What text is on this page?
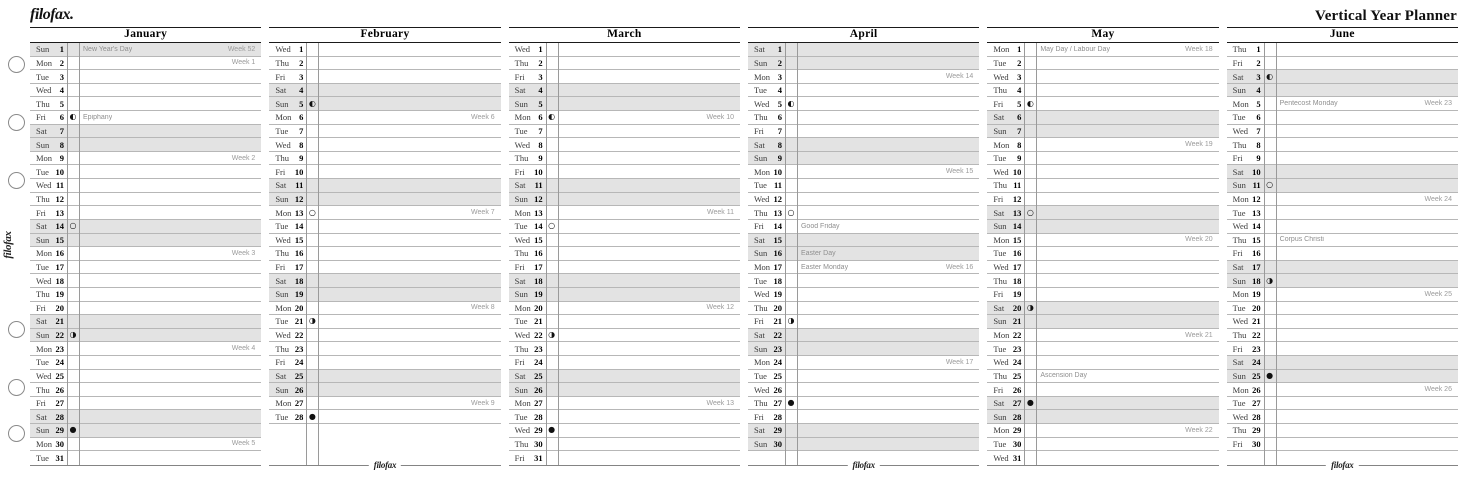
filofax.	Vertical Year Planner
filofax
January
Sun 1	New Year's Day	Week 52
Mon 2	Week 1
Tue 3
Wed 4
Thu 5
Fri 6 ◐ Epiphany
Sat 7
Sun 8
Mon 9	Week 2
Tue 10
Wed 11
Thu 12
Fri 13
Sat 14 ○
Sun 15
Mon 16	Week 3
Tue 17
Wed 18
Thu 19
Fri 20
Sat 21
Sun 22 ◑
Mon 23	Week 4
Tue 24
Wed 25
Thu 26
Fri 27
Sat 28
Sun 29 ●
Mon 30	Week 5
Tue 31
February
Wed 1
Thu 2
Fri 3
Sat 4
Sun 5 ◐
Mon 6	Week 6
Tue 7
Wed 8
Thu 9
Fri 10
Sat 11
Sun 12
Mon 13 ○	Week 7
Tue 14
Wed 15
Thu 16
Fri 17
Sat 18
Sun 19
Mon 20	Week 8
Tue 21 ◑
Wed 22
Thu 23
Fri 24
Sat 25
Sun 26
Mon 27	Week 9
Tue 28 ●
filofax
March
Wed 1
Thu 2
Fri 3
Sat 4
Sun 5
Mon 6 ◐	Week 10
Tue 7
Wed 8
Thu 9
Fri 10
Sat 11
Sun 12
Mon 13	Week 11
Tue 14 ○
Wed 15
Thu 16
Fri 17
Sat 18
Sun 19
Mon 20	Week 12
Tue 21
Wed 22 ◑
Thu 23
Fri 24
Sat 25
Sun 26
Mon 27	Week 13
Tue 28
Wed 29 ●
Thu 30
Fri 31
April
Sat 1
Sun 2
Mon 3	Week 14
Tue 4
Wed 5 ◐
Thu 6
Fri 7
Sat 8
Sun 9
Mon 10	Week 15
Tue 11
Wed 12
Thu 13 ○
Fri 14	Good Friday
Sat 15
Sun 16	Easter Day
Mon 17	Easter Monday	Week 16
Tue 18
Wed 19
Thu 20
Fri 21 ◑
Sat 22
Sun 23
Mon 24	Week 17
Tue 25
Wed 26
Thu 27 ●
Fri 28
Sat 29
Sun 30
filofax
May
Mon 1	May Day / Labour Day	Week 18
Tue 2
Wed 3
Thu 4
Fri 5 ◐
Sat 6
Sun 7
Mon 8	Week 19
Tue 9
Wed 10
Thu 11
Fri 12
Sat 13 ○
Sun 14
Mon 15	Week 20
Tue 16
Wed 17
Thu 18
Fri 19
Sat 20 ◑
Sun 21
Mon 22	Week 21
Tue 23
Wed 24
Thu 25	Ascension Day
Fri 26
Sat 27 ●
Sun 28
Mon 29	Week 22
Tue 30
Wed 31
June
Thu 1
Fri 2
Sat 3 ◐
Sun 4
Mon 5	Pentecost Monday	Week 23
Tue 6
Wed 7
Thu 8
Fri 9
Sat 10
Sun 11 ○
Mon 12	Week 24
Tue 13
Wed 14
Thu 15	Corpus Christi
Fri 16
Sat 17
Sun 18 ◑
Mon 19	Week 25
Tue 20
Wed 21
Thu 22
Fri 23
Sat 24
Sun 25 ●
Mon 26	Week 26
Tue 27
Wed 28
Thu 29
Fri 30
filofax
